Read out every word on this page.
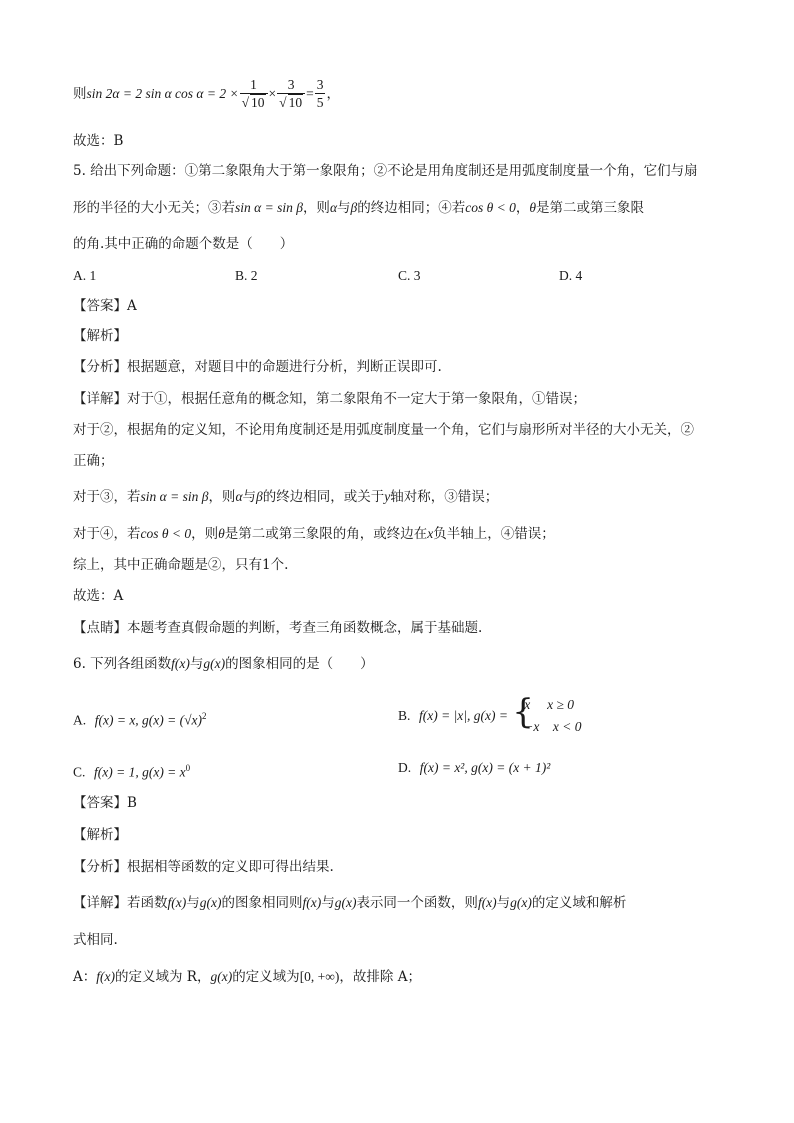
则sin 2α = 2 sin α $\cos \alpha = 2 \times \frac{1}{√ 10} \times \frac{3}{√ 10} = \frac{3}{5}$ ，
故选：B
5. 给出下列命题：①第二象限角大于第一象限角；②不论是用角度制还是用弧度制度量一个角，它们与扇
形的半径的大小无关；③若sin α = sin β，则α与β的终边相同；④若cos θ < 0，θ是第二或第三象限
的角.其中正确的命题个数是（　　）
A. 1	B. 2	C. 3	D. 4
【答案】A
【解析】
【分析】根据题意，对题目中的命题进行分析，判断正误即可.
【详解】对于①，根据任意角的概念知，第二象限角不一定大于第一象限角，①错误；
对于②，根据角的定义知，不论用角度制还是用弧度制度量一个角，它们与扇形所对半径的大小无关，②
正确；
对于③，若sin α = sin β，则α与β的终边相同，或关于y轴对称，③错误；
对于④，若cos θ < 0，则θ是第二或第三象限的角，或终边在x负半轴上，④错误；
综上，其中正确命题是②，只有1个.
故选：A
【点睛】本题考查真假命题的判断，考查三角函数概念，属于基础题.
6. 下列各组函数f(x)与g(x)的图象相同的是（　　）
A. f(x) = x, $g(x) = (√x)^2$	B. f(x) = |x|, g(x) = {
x　 x ≥ 0
−x　x < 0
C. f(x) = 1, $g(x) = x^0$	D. f(x) = x², g(x) = (x + 1)²
【答案】B
【解析】
【分析】根据相等函数的定义即可得出结果.
【详解】若函数f(x)与g(x)的图象相同则f(x)与g(x)表示同一个函数，则f(x)与g(x)的定义域和解析
式相同.
A：f(x)的定义域为 R，g(x)的定义域为[0, +∞)，故排除 A；
